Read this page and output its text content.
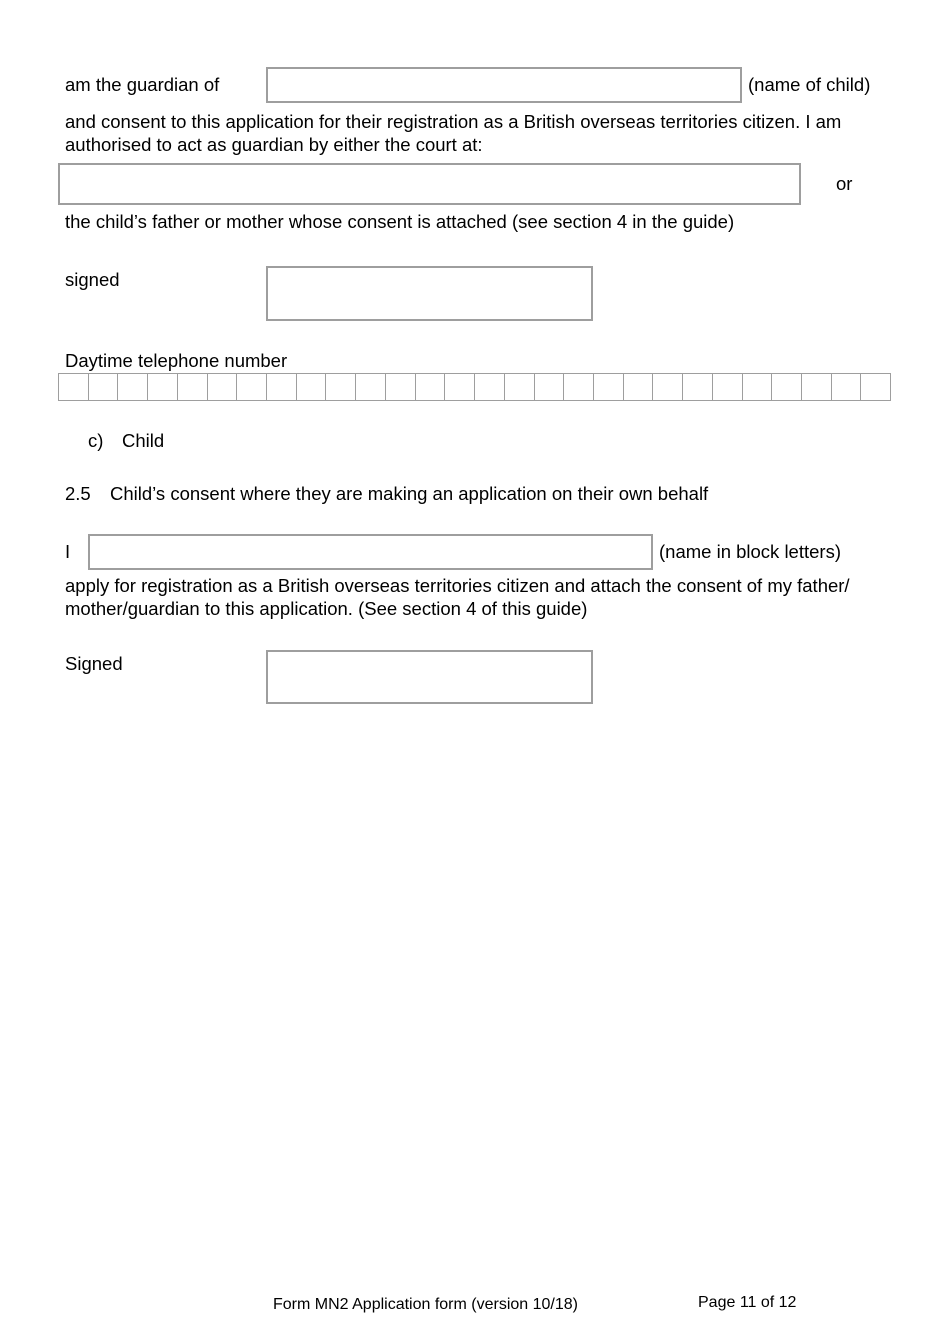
am the guardian of	(name of child)
and consent to this application for their registration as a British overseas territories citizen. I am authorised to act as guardian by either the court at:
or
the child’s father or mother whose consent is attached (see section 4 in the guide)
signed
Daytime telephone number
c) Child
2.5 Child’s consent where they are making an application on their own behalf
I	(name in block letters)
apply for registration as a British overseas territories citizen and attach the consent of my father/ mother/guardian to this application. (See section 4 of this guide)
Signed
Form MN2 Application form (version 10/18)	Page 11 of 12
